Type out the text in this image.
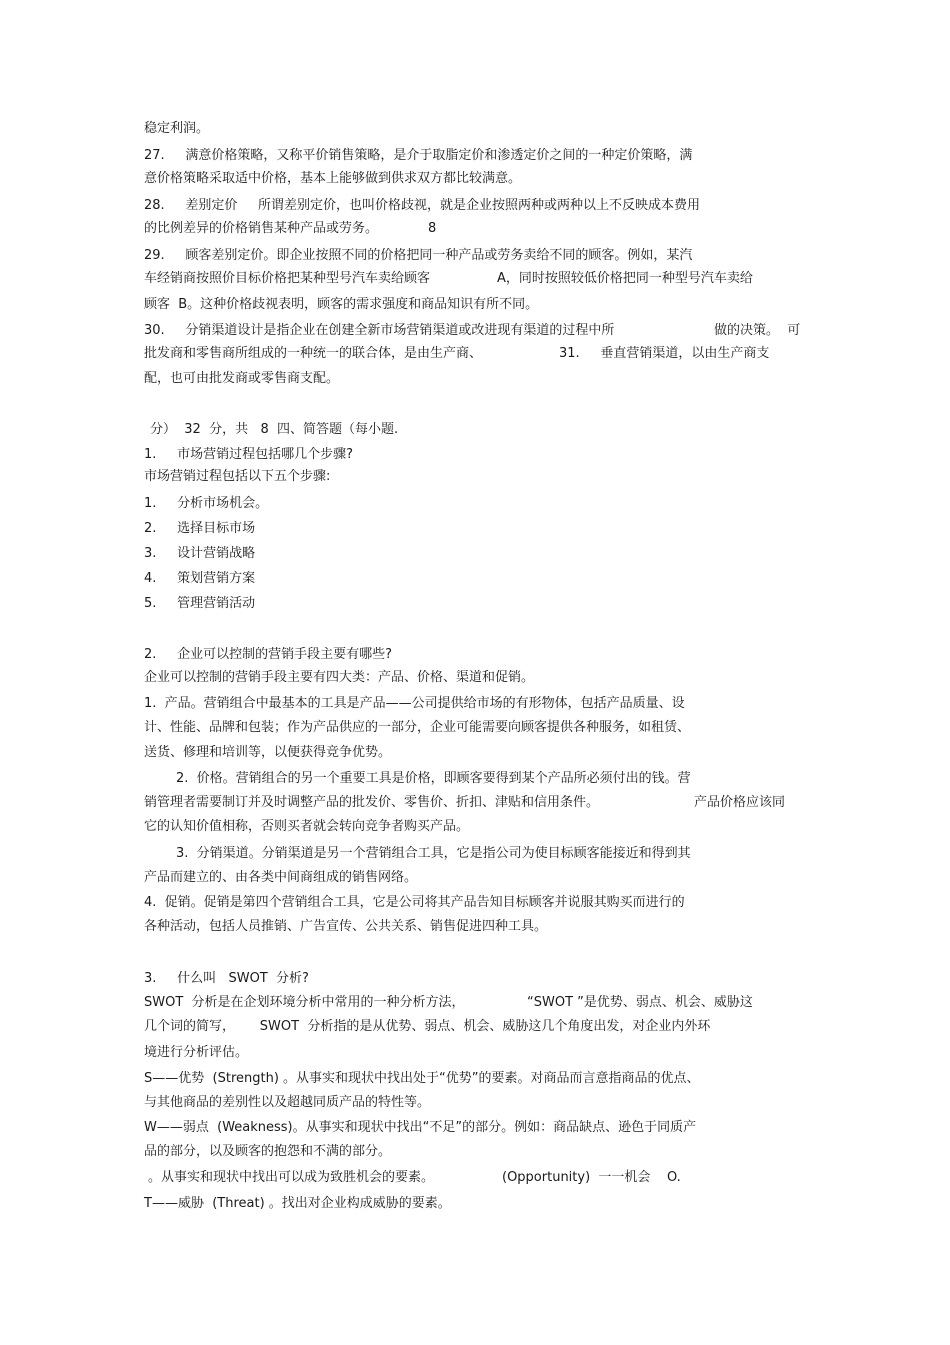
稳定利润。
27.     满意价格策略，又称平价销售策略，是介于取脂定价和渗透定价之间的一种定价策略，满
意价格策略采取适中价格，基本上能够做到供求双方都比较满意。
28.     差别定价     所谓差别定价，也叫价格歧视，就是企业按照两种或两种以上不反映成本费用
的比例差异的价格销售某种产品或劳务。	8
29.     顾客差别定价。即企业按照不同的价格把同一种产品或劳务卖给不同的顾客。例如，某汽
车经销商按照价目标价格把某种型号汽车卖给顾客	A，同时按照较低价格把同一种型号汽车卖给
顾客  B。这种价格歧视表明，顾客的需求强度和商品知识有所不同。
30.     分销渠道设计是指企业在创建全新市场营销渠道或改进现有渠道的过程中所	做的决策。  可
批发商和零售商所组成的一种统一的联合体，是由生产商、	31.     垂直营销渠道，以由生产商支
配，也可由批发商或零售商支配。
分）  32  分，共   8  四、简答题（每小题.
1.     市场营销过程包括哪几个步骤?
市场营销过程包括以下五个步骤:
1.     分析市场机会。
2.     选择目标市场
3.     设计营销战略
4.     策划营销方案
5.     管理营销活动
2.     企业可以控制的营销手段主要有哪些?
企业可以控制的营销手段主要有四大类：产品、价格、渠道和促销。
1.  产品。营销组合中最基本的工具是产品——公司提供给市场的有形物体，包括产品质量、设
计、性能、品牌和包装；作为产品供应的一部分，企业可能需要向顾客提供各种服务，如租赁、
送货、修理和培训等，以便获得竞争优势。
2.  价格。营销组合的另一个重要工具是价格，即顾客要得到某个产品所必须付出的钱。营
销管理者需要制订并及时调整产品的批发价、零售价、折扣、津贴和信用条件。	产品价格应该同
它的认知价值相称，否则买者就会转向竞争者购买产品。
3.  分销渠道。分销渠道是另一个营销组合工具，它是指公司为使目标顾客能接近和得到其
产品而建立的、由各类中间商组成的销售网络。
4.  促销。促销是第四个营销组合工具，它是公司将其产品告知目标顾客并说服其购买而进行的
各种活动，包括人员推销、广告宣传、公共关系、销售促进四种工具。
3.     什么叫   SWOT  分析?
SWOT  分析是在企划环境分析中常用的一种分析方法，	“SWOT ”是优势、弱点、机会、威胁这
几个词的简写，      SWOT  分析指的是从优势、弱点、机会、威胁这几个角度出发，对企业内外环
境进行分析评估。
S——优势  (Strength) 。从事实和现状中找出处于“优势”的要素。对商品而言意指商品的优点、
与其他商品的差别性以及超越同质产品的特性等。
W——弱点  (Weakness)。从事实和现状中找出“不足”的部分。例如：商品缺点、逊色于同质产
品的部分，以及顾客的抱怨和不满的部分。
。从事实和现状中找出可以成为致胜机会的要素。	(Opportunity)  一一机会    O.
T——威胁  (Threat) 。找出对企业构成威胁的要素。
